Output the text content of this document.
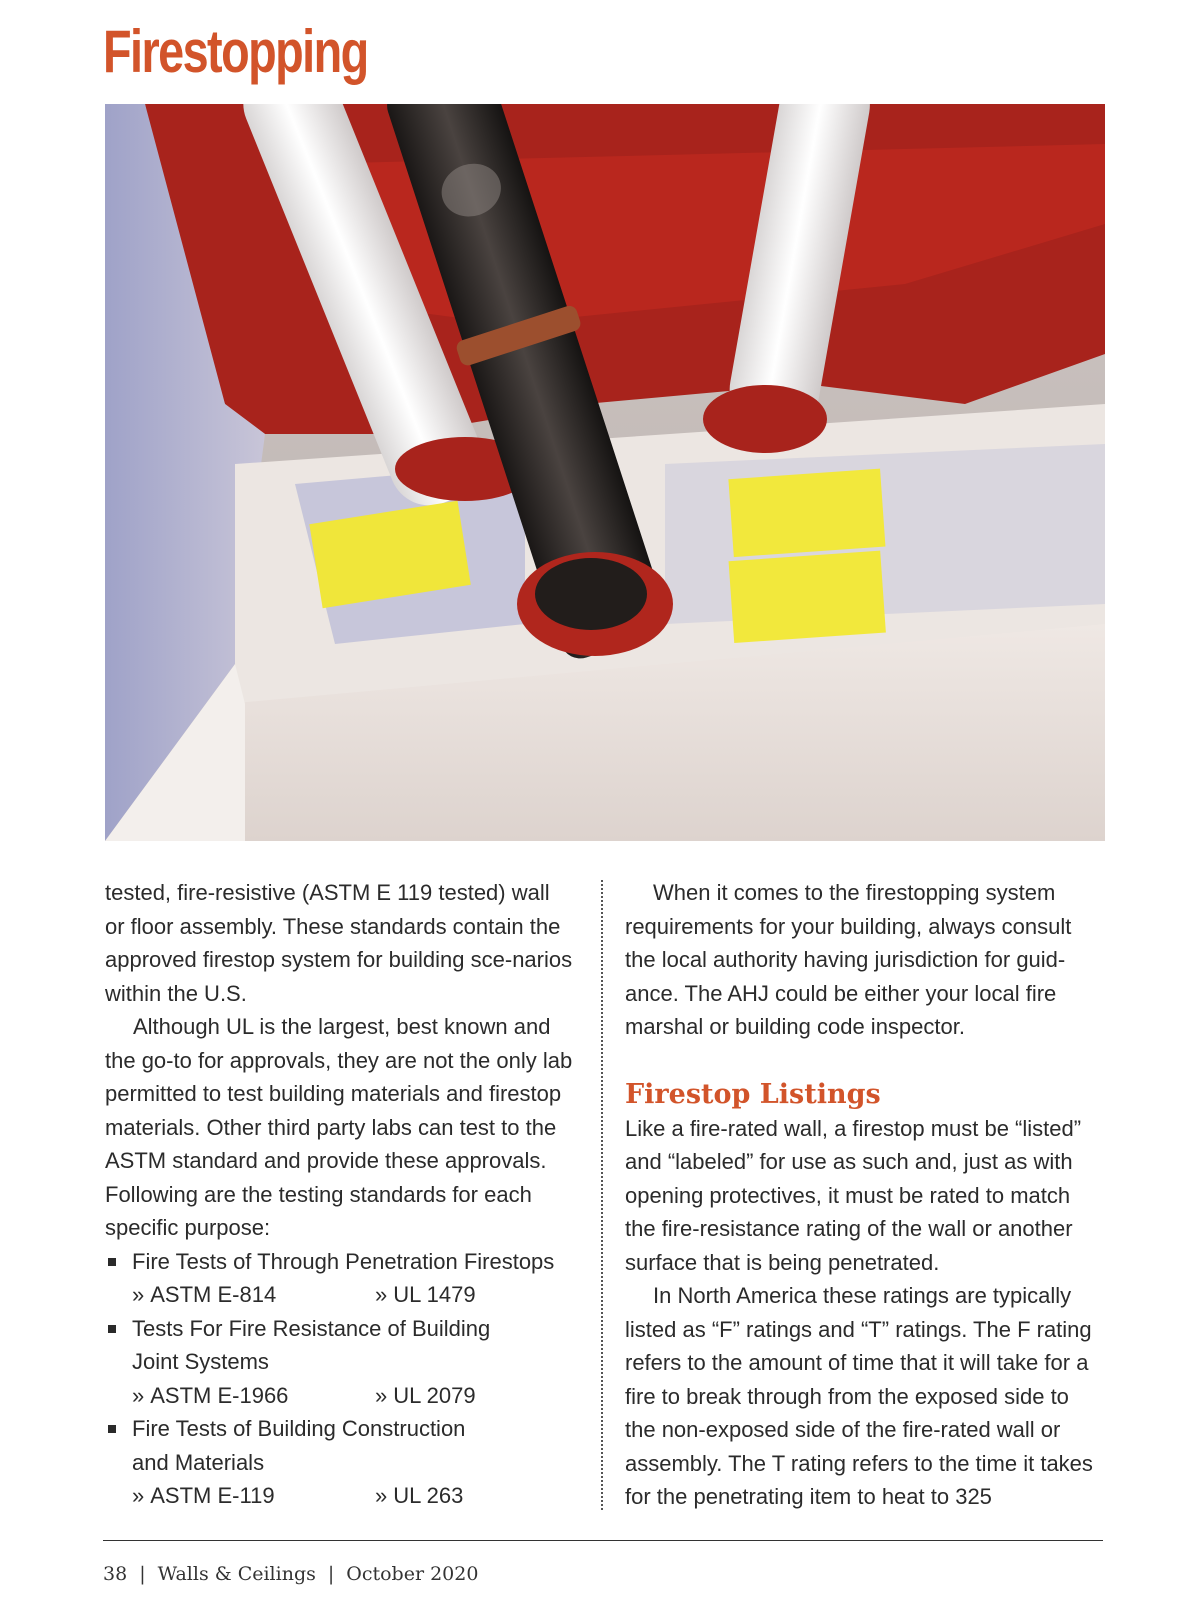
Firestopping

tested, fire-resistive (ASTM E 119 tested) wall or floor assembly. These standards contain the approved firestop system for building sce-narios within the U.S.

Although UL is the largest, best known and the go-to for approvals, they are not the only lab permitted to test building materials and firestop materials. Other third party labs can test to the ASTM standard and provide these approvals. Following are the testing standards for each specific purpose:

Fire Tests of Through Penetration Firestops
» ASTM E-814	» UL 1479
Tests For Fire Resistance of Building Joint Systems
» ASTM E-1966	» UL 2079
Fire Tests of Building Construction and Materials
» ASTM E-119	» UL 263

When it comes to the firestopping system requirements for your building, always consult the local authority having jurisdiction for guid-ance. The AHJ could be either your local fire marshal or building code inspector.

Firestop Listings

Like a fire-rated wall, a firestop must be “listed” and “labeled” for use as such and, just as with opening protectives, it must be rated to match the fire-resistance rating of the wall or another surface that is being penetrated.

In North America these ratings are typically listed as “F” ratings and “T” ratings. The F rating refers to the amount of time that it will take for a fire to break through from the exposed side to the non-exposed side of the fire-rated wall or assembly. The T rating refers to the time it takes for the penetrating item to heat to 325

38 | Walls & Ceilings | October 2020
